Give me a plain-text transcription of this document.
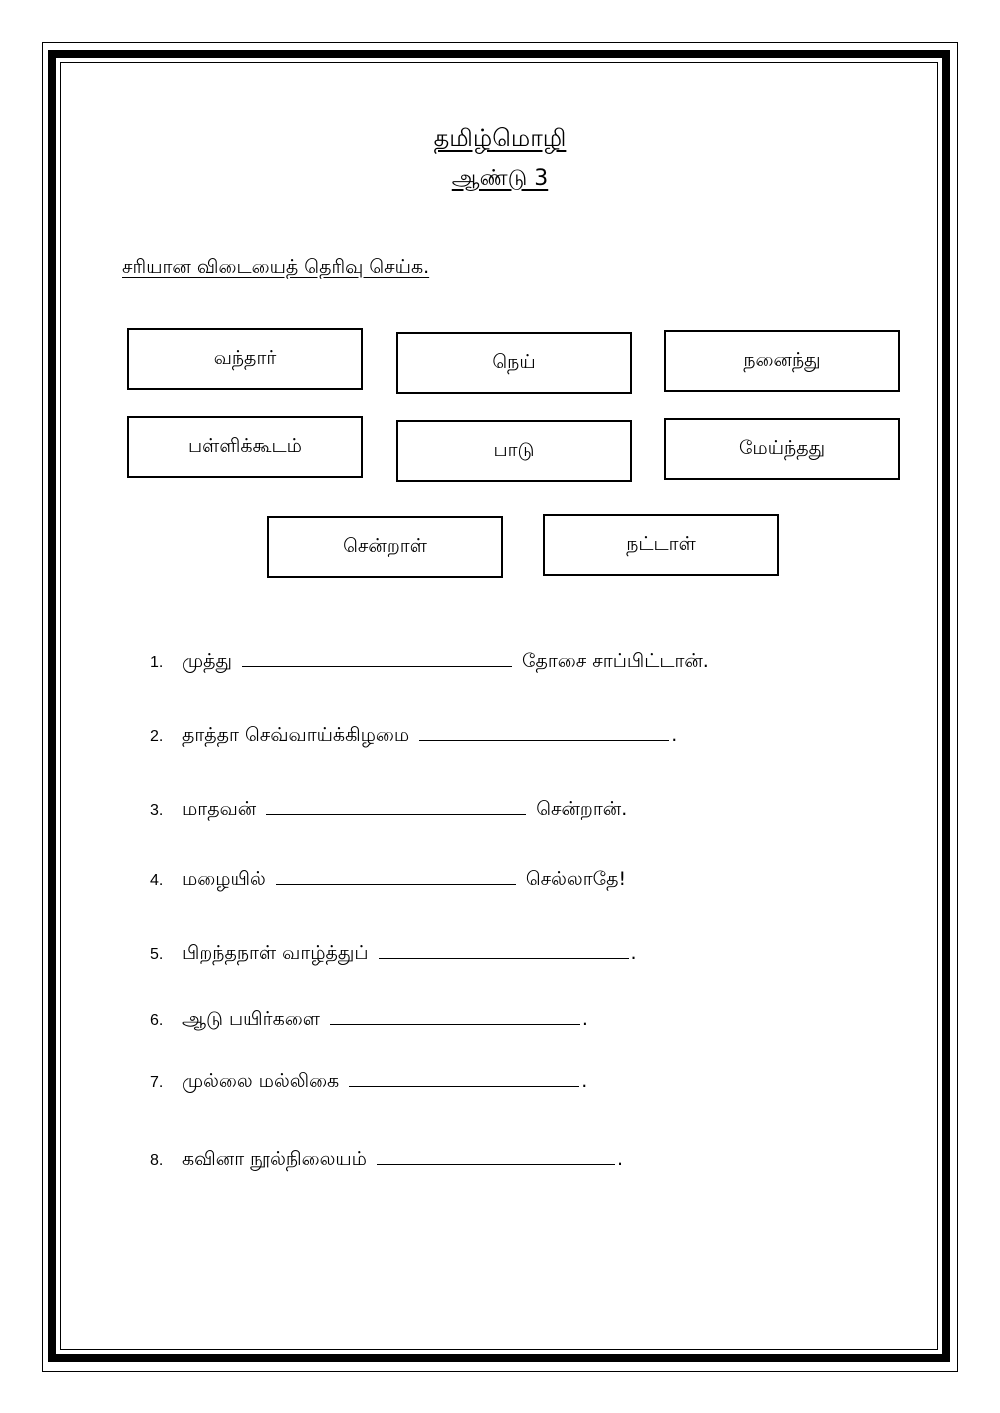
தமிழ்மொழி
ஆண்டு 3
சரியான விடையைத் தெரிவு செய்க.
வந்தார்	நெய்	நனைந்து
பள்ளிக்கூடம்	பாடு	மேய்ந்தது
சென்றாள்	நட்டாள்
1. முத்து	தோசை சாப்பிட்டான்.
2. தாத்தா செவ்வாய்க்கிழமை	.
3. மாதவன்	சென்றான்.
4. மழையில்	செல்லாதே!
5. பிறந்தநாள் வாழ்த்துப்	.
6. ஆடு பயிர்களை	.
7. முல்லை மல்லிகை	.
8. கவினா நூல்நிலையம்	.
